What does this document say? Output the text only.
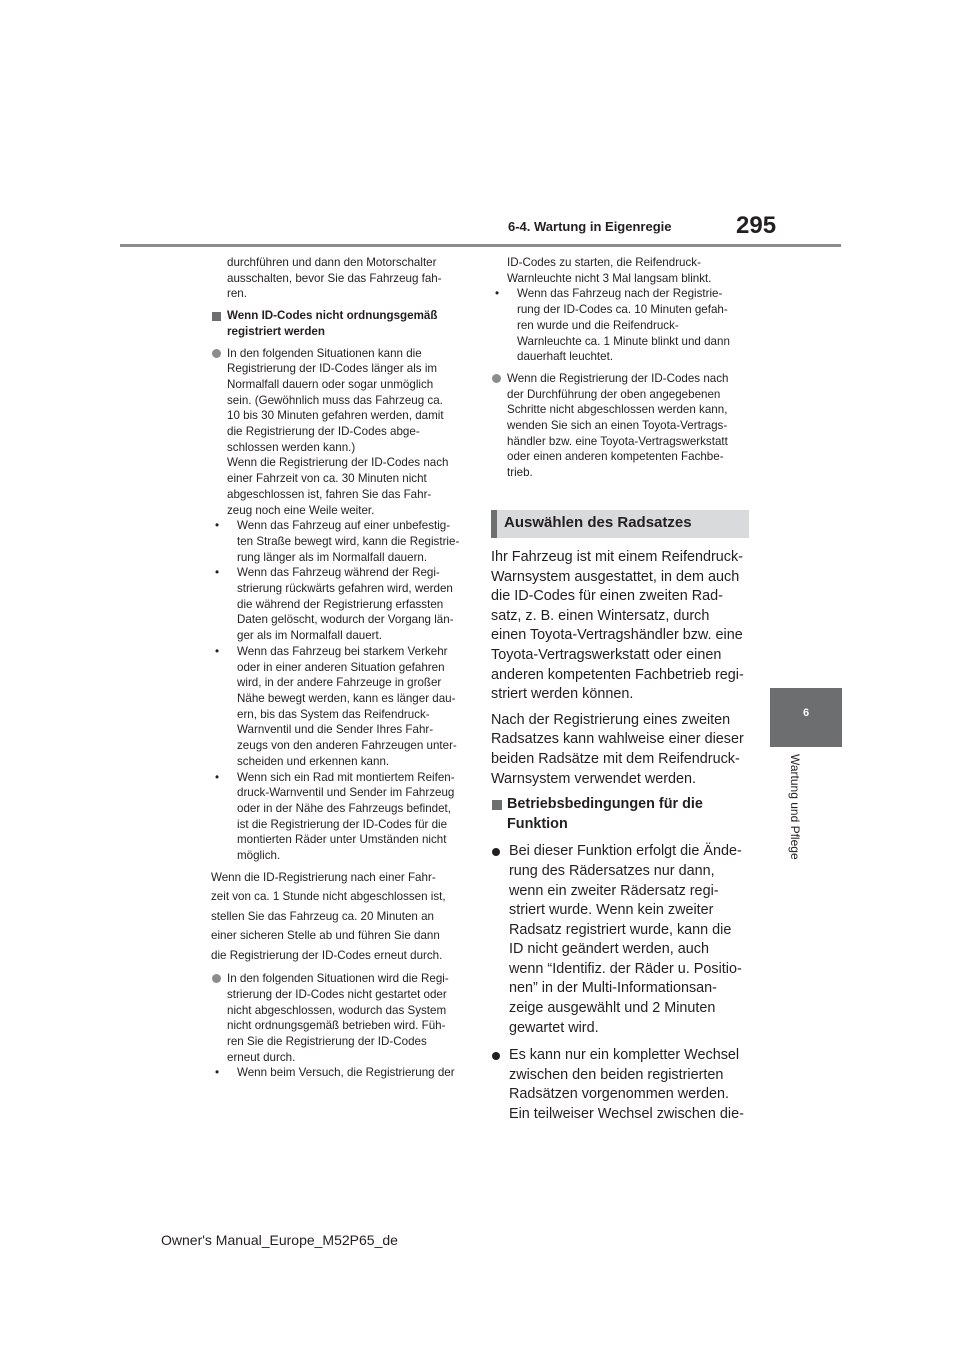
6-4. Wartung in Eigenregie	295
6
Wartung und Pflege
durchführen und dann den Motorschalter
ausschalten, bevor Sie das Fahrzeug fah-
ren.
Wenn ID-Codes nicht ordnungsgemäß
registriert werden
In den folgenden Situationen kann die
Registrierung der ID-Codes länger als im
Normalfall dauern oder sogar unmöglich
sein. (Gewöhnlich muss das Fahrzeug ca.
10 bis 30 Minuten gefahren werden, damit
die Registrierung der ID-Codes abge-
schlossen werden kann.)
Wenn die Registrierung der ID-Codes nach
einer Fahrzeit von ca. 30 Minuten nicht
abgeschlossen ist, fahren Sie das Fahr-
zeug noch eine Weile weiter.
• Wenn das Fahrzeug auf einer unbefestig-
ten Straße bewegt wird, kann die Registrie-
rung länger als im Normalfall dauern.
• Wenn das Fahrzeug während der Regi-
strierung rückwärts gefahren wird, werden
die während der Registrierung erfassten
Daten gelöscht, wodurch der Vorgang län-
ger als im Normalfall dauert.
• Wenn das Fahrzeug bei starkem Verkehr
oder in einer anderen Situation gefahren
wird, in der andere Fahrzeuge in großer
Nähe bewegt werden, kann es länger dau-
ern, bis das System das Reifendruck-
Warnventil und die Sender Ihres Fahr-
zeugs von den anderen Fahrzeugen unter-
scheiden und erkennen kann.
• Wenn sich ein Rad mit montiertem Reifen-
druck-Warnventil und Sender im Fahrzeug
oder in der Nähe des Fahrzeugs befindet,
ist die Registrierung der ID-Codes für die
montierten Räder unter Umständen nicht
möglich.
Wenn die ID-Registrierung nach einer Fahr-
zeit von ca. 1 Stunde nicht abgeschlossen ist,
stellen Sie das Fahrzeug ca. 20 Minuten an
einer sicheren Stelle ab und führen Sie dann
die Registrierung der ID-Codes erneut durch.
In den folgenden Situationen wird die Regi-
strierung der ID-Codes nicht gestartet oder
nicht abgeschlossen, wodurch das System
nicht ordnungsgemäß betrieben wird. Füh-
ren Sie die Registrierung der ID-Codes
erneut durch.

• Wenn beim Versuch, die Registrierung der

ID-Codes zu starten, die Reifendruck-
Warnleuchte nicht 3 Mal langsam blinkt.
• Wenn das Fahrzeug nach der Registrie-
rung der ID-Codes ca. 10 Minuten gefah-
ren wurde und die Reifendruck-
Warnleuchte ca. 1 Minute blinkt und dann
dauerhaft leuchtet.
Wenn die Registrierung der ID-Codes nach
der Durchführung der oben angegebenen
Schritte nicht abgeschlossen werden kann,
wenden Sie sich an einen Toyota-Vertrags-
händler bzw. eine Toyota-Vertragswerkstatt
oder einen anderen kompetenten Fachbe-
trieb.
Auswählen des Radsatzes

Ihr Fahrzeug ist mit einem Reifendruck-
Warnsystem ausgestattet, in dem auch
die ID-Codes für einen zweiten Rad-
satz, z. B. einen Wintersatz, durch
einen Toyota-Vertragshändler bzw. eine
Toyota-Vertragswerkstatt oder einen
anderen kompetenten Fachbetrieb regi-
striert werden können.

Nach der Registrierung eines zweiten
Radsatzes kann wahlweise einer dieser
beiden Radsätze mit dem Reifendruck-
Warnsystem verwendet werden.

Betriebsbedingungen für die
Funktion
Bei dieser Funktion erfolgt die Ände-
rung des Rädersatzes nur dann,
wenn ein zweiter Rädersatz regi-
striert wurde. Wenn kein zweiter
Radsatz registriert wurde, kann die
ID nicht geändert werden, auch
wenn “Identifiz. der Räder u. Positio-
nen” in der Multi-Informationsan-
zeige ausgewählt und 2 Minuten
gewartet wird.
Es kann nur ein kompletter Wechsel
zwischen den beiden registrierten
Radsätzen vorgenommen werden.
Ein teilweiser Wechsel zwischen die-
Owner's Manual_Europe_M52P65_de
